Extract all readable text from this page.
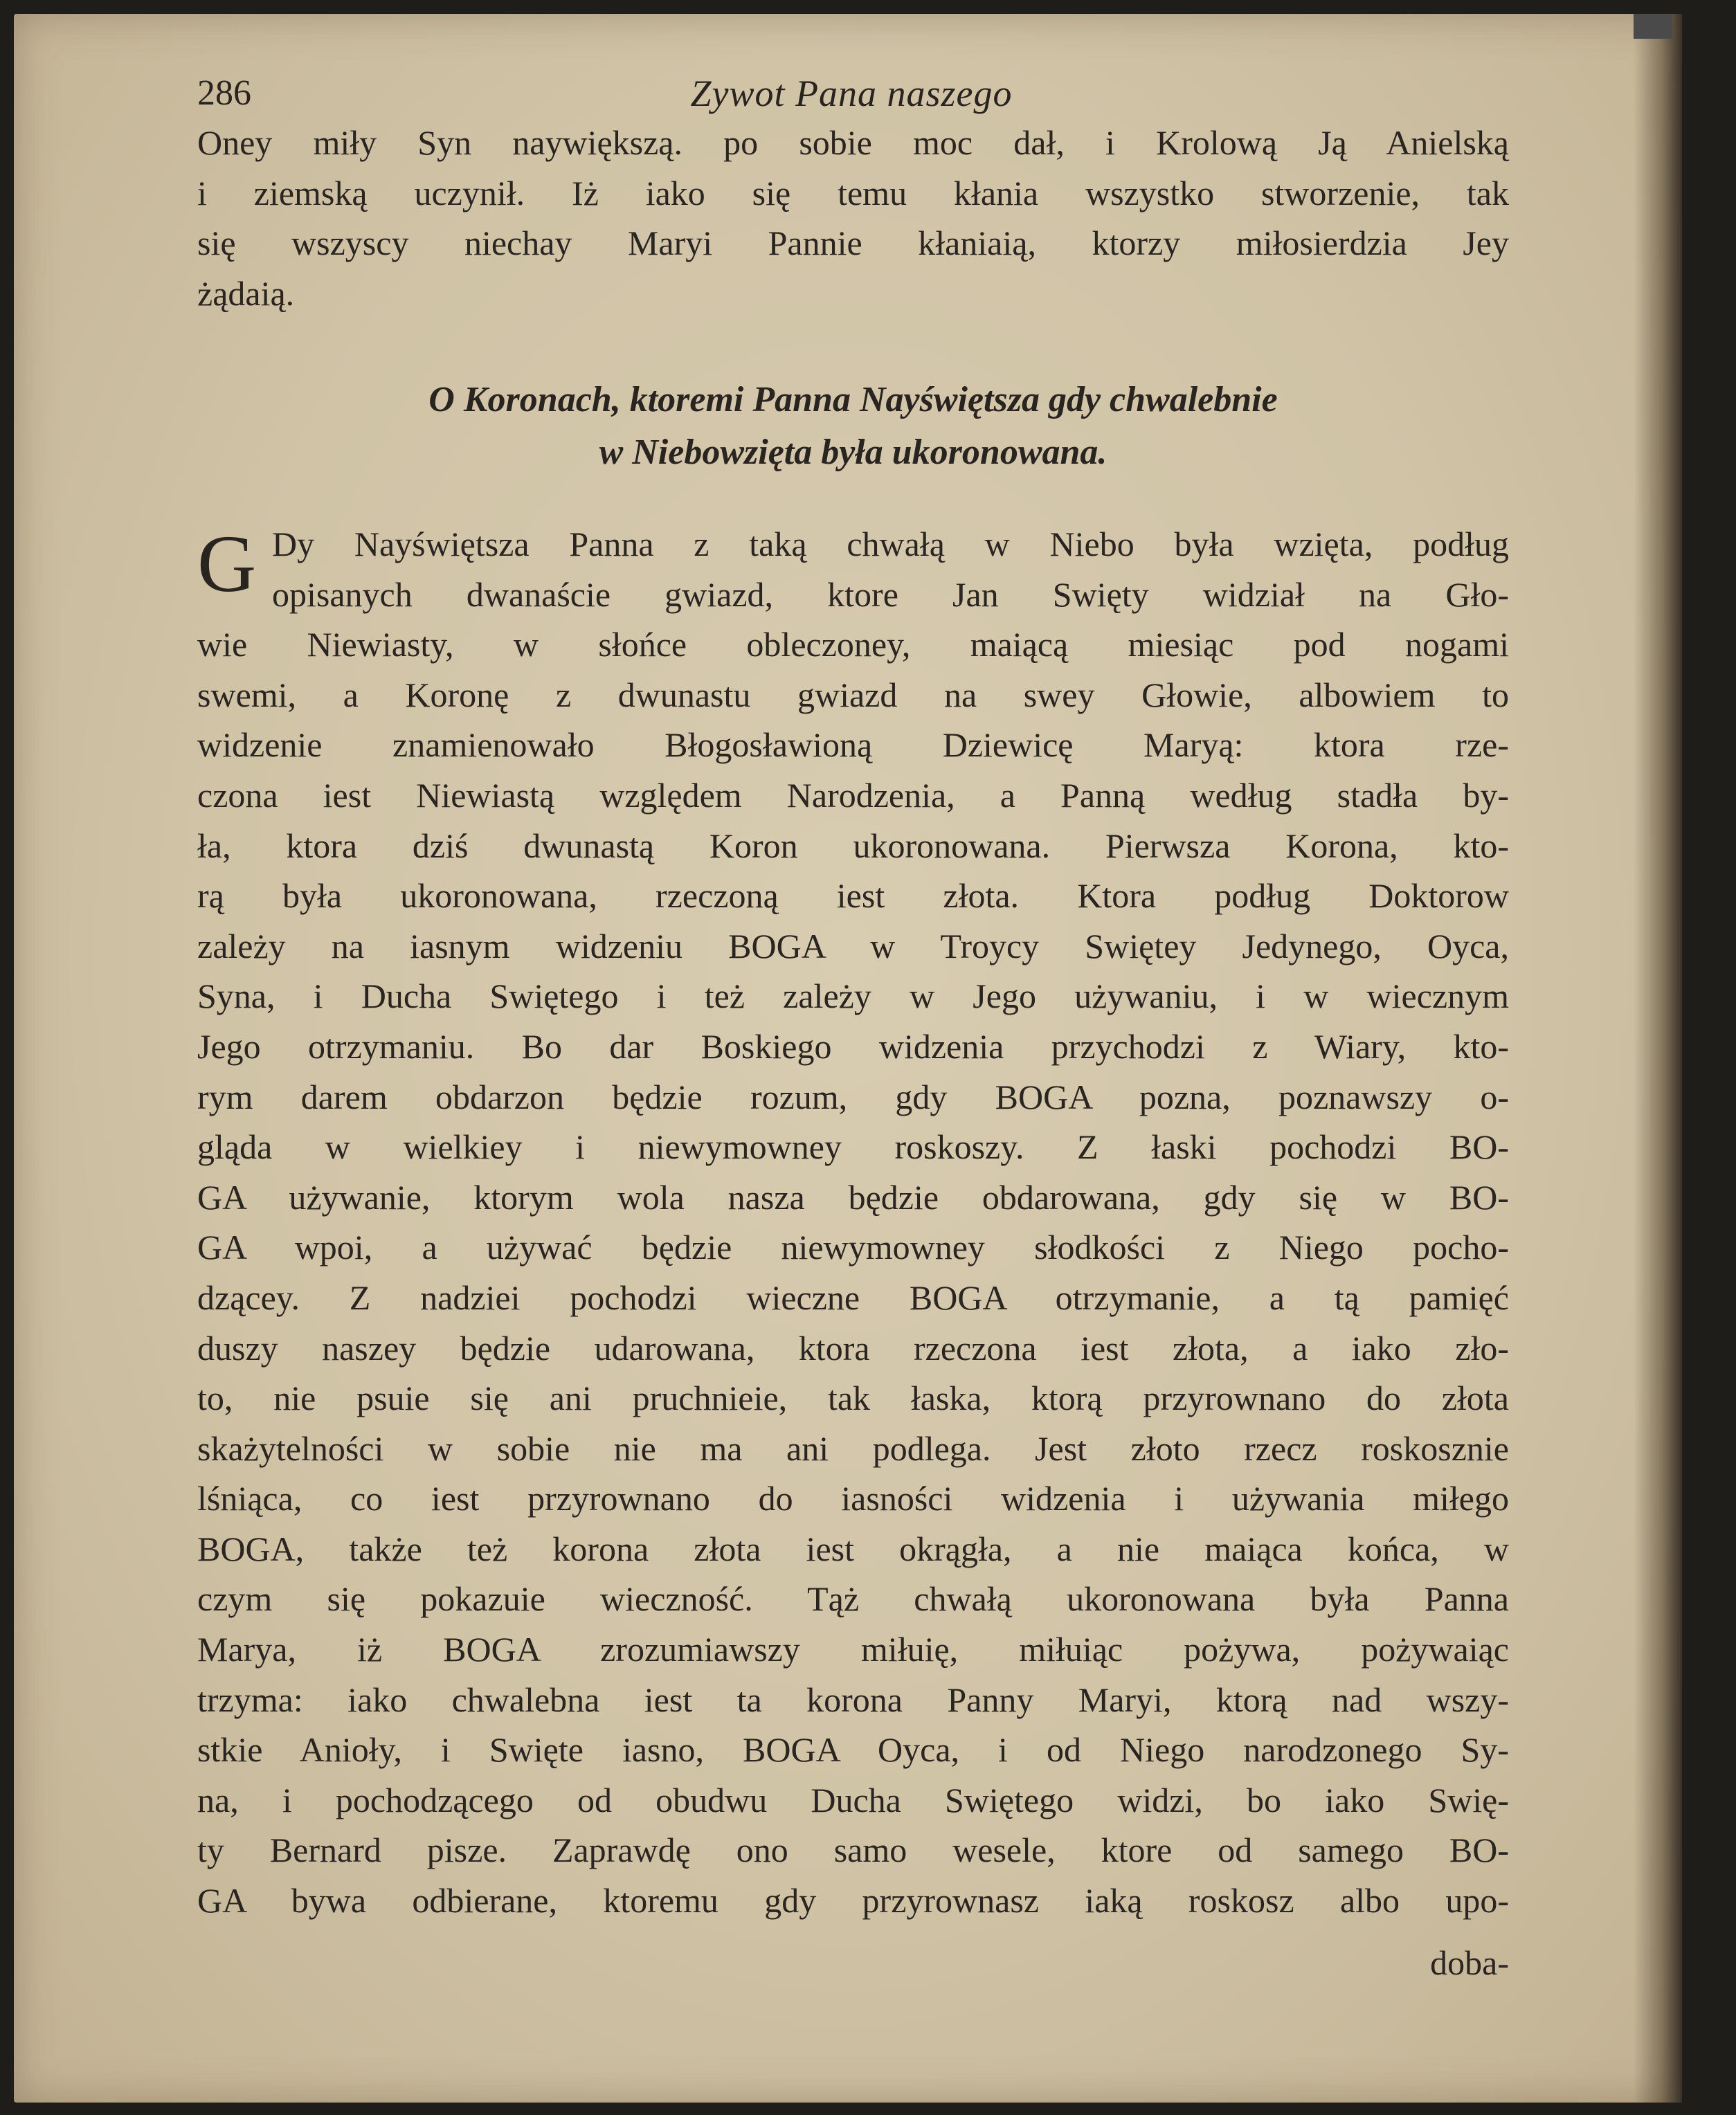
286	Zywot Pana naszego
Oney miły Syn naywiększą. po sobie moc dał, i Krolową Ją Anielską
i ziemską uczynił. Iż iako się temu kłania wszystko stworzenie, tak
się wszyscy niechay Maryi Pannie kłaniaią, ktorzy miłosierdzia Jey
żądaią.
O Koronach, ktoremi Panna Nayświętsza gdy chwalebnie
w Niebowzięta była ukoronowana.
G Dy Nayświętsza Panna z taką chwałą w Niebo była wzięta, podług
opisanych dwanaście gwiazd, ktore Jan Swięty widział na Gło-
wie Niewiasty, w słońce obleczoney, maiącą miesiąc pod nogami
swemi, a Koronę z dwunastu gwiazd na swey Głowie, albowiem to
widzenie znamienowało Błogosławioną Dziewicę Maryą: ktora rze-
czona iest Niewiastą względem Narodzenia, a Panną według stadła by-
ła, ktora dziś dwunastą Koron ukoronowana. Pierwsza Korona, kto-
rą była ukoronowana, rzeczoną iest złota. Ktora podług Doktorow
zależy na iasnym widzeniu BOGA w Troycy Swiętey Jedynego, Oyca,
Syna, i Ducha Swiętego i też zależy w Jego używaniu, i w wiecznym
Jego otrzymaniu. Bo dar Boskiego widzenia przychodzi z Wiary, kto-
rym darem obdarzon będzie rozum, gdy BOGA pozna, poznawszy o-
gląda w wielkiey i niewymowney roskoszy. Z łaski pochodzi BO-
GA używanie, ktorym wola nasza będzie obdarowana, gdy się w BO-
GA wpoi, a używać będzie niewymowney słodkości z Niego pocho-
dzącey. Z nadziei pochodzi wieczne BOGA otrzymanie, a tą pamięć
duszy naszey będzie udarowana, ktora rzeczona iest złota, a iako zło-
to, nie psuie się ani pruchnieie, tak łaska, ktorą przyrownano do złota
skażytelności w sobie nie ma ani podlega. Jest złoto rzecz roskosznie
lśniąca, co iest przyrownano do iasności widzenia i używania miłego
BOGA, także też korona złota iest okrągła, a nie maiąca końca, w
czym się pokazuie wieczność. Tąż chwałą ukoronowana była Panna
Marya, iż BOGA zrozumiawszy miłuię, miłuiąc pożywa, pożywaiąc
trzyma: iako chwalebna iest ta korona Panny Maryi, ktorą nad wszy-
stkie Anioły, i Swięte iasno, BOGA Oyca, i od Niego narodzonego Sy-
na, i pochodzącego od obudwu Ducha Swiętego widzi, bo iako Swię-
ty Bernard pisze. Zaprawdę ono samo wesele, ktore od samego BO-
GA bywa odbierane, ktoremu gdy przyrownasz iaką roskosz albo upo-
doba-
